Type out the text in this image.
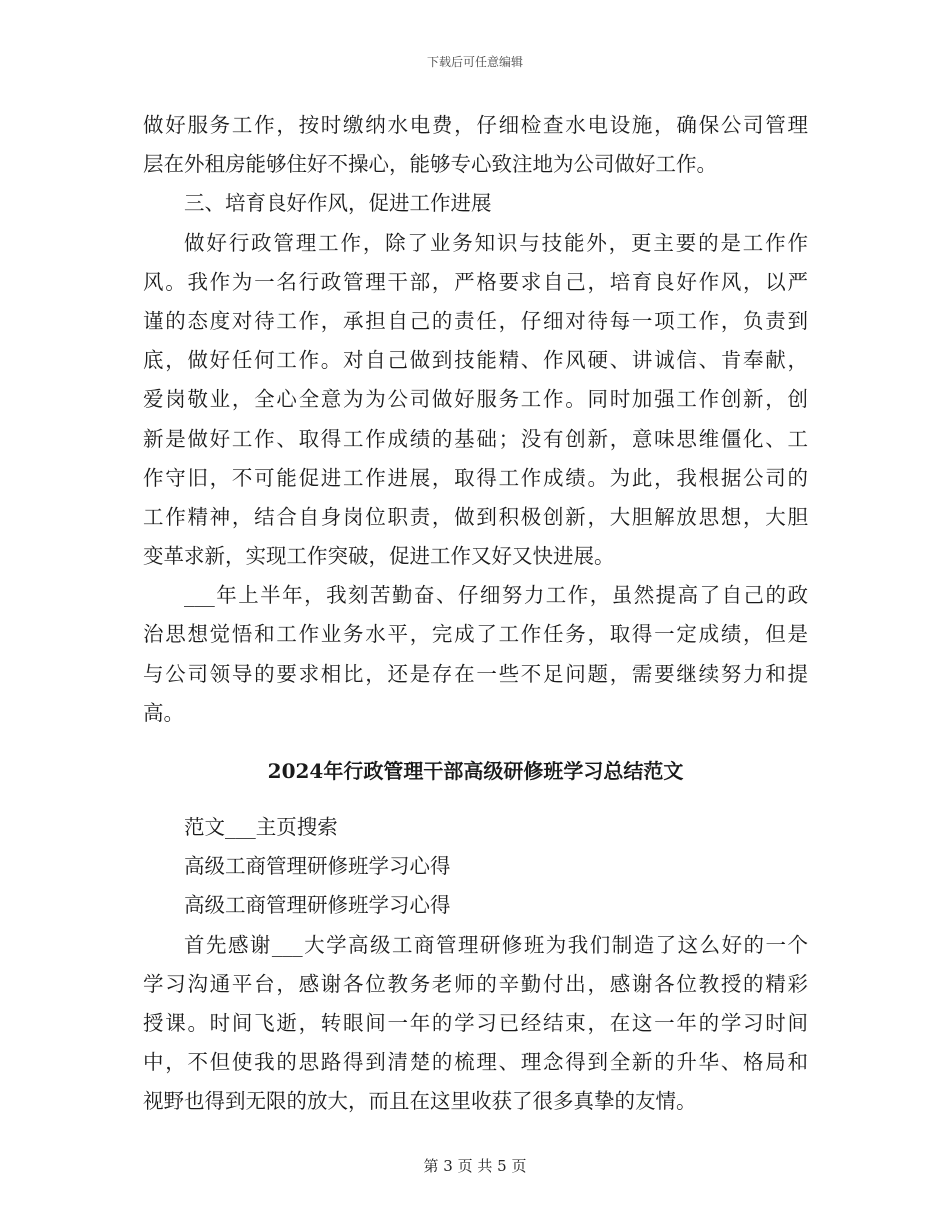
下载后可任意编辑
做好服务工作，按时缴纳水电费，仔细检查水电设施，确保公司管理
层在外租房能够住好不操心，能够专心致注地为公司做好工作。
三、培育良好作风，促进工作进展
做好行政管理工作，除了业务知识与技能外，更主要的是工作作
风。我作为一名行政管理干部，严格要求自己，培育良好作风，以严
谨的态度对待工作，承担自己的责任，仔细对待每一项工作，负责到
底，做好任何工作。对自己做到技能精、作风硬、讲诚信、肯奉献，
爱岗敬业，全心全意为为公司做好服务工作。同时加强工作创新，创
新是做好工作、取得工作成绩的基础；没有创新，意味思维僵化、工
作守旧，不可能促进工作进展，取得工作成绩。为此，我根据公司的
工作精神，结合自身岗位职责，做到积极创新，大胆解放思想，大胆
变革求新，实现工作突破，促进工作又好又快进展。
___年上半年，我刻苦勤奋、仔细努力工作，虽然提高了自己的政
治思想觉悟和工作业务水平，完成了工作任务，取得一定成绩，但是
与公司领导的要求相比，还是存在一些不足问题，需要继续努力和提
高。
2024年行政管理干部高级研修班学习总结范文
范文___主页搜索
高级工商管理研修班学习心得
高级工商管理研修班学习心得
首先感谢___大学高级工商管理研修班为我们制造了这么好的一个
学习沟通平台，感谢各位教务老师的辛勤付出，感谢各位教授的精彩
授课。时间飞逝，转眼间一年的学习已经结束，在这一年的学习时间
中，不但使我的思路得到清楚的梳理、理念得到全新的升华、格局和
视野也得到无限的放大，而且在这里收获了很多真挚的友情。
第 3 页 共 5 页
